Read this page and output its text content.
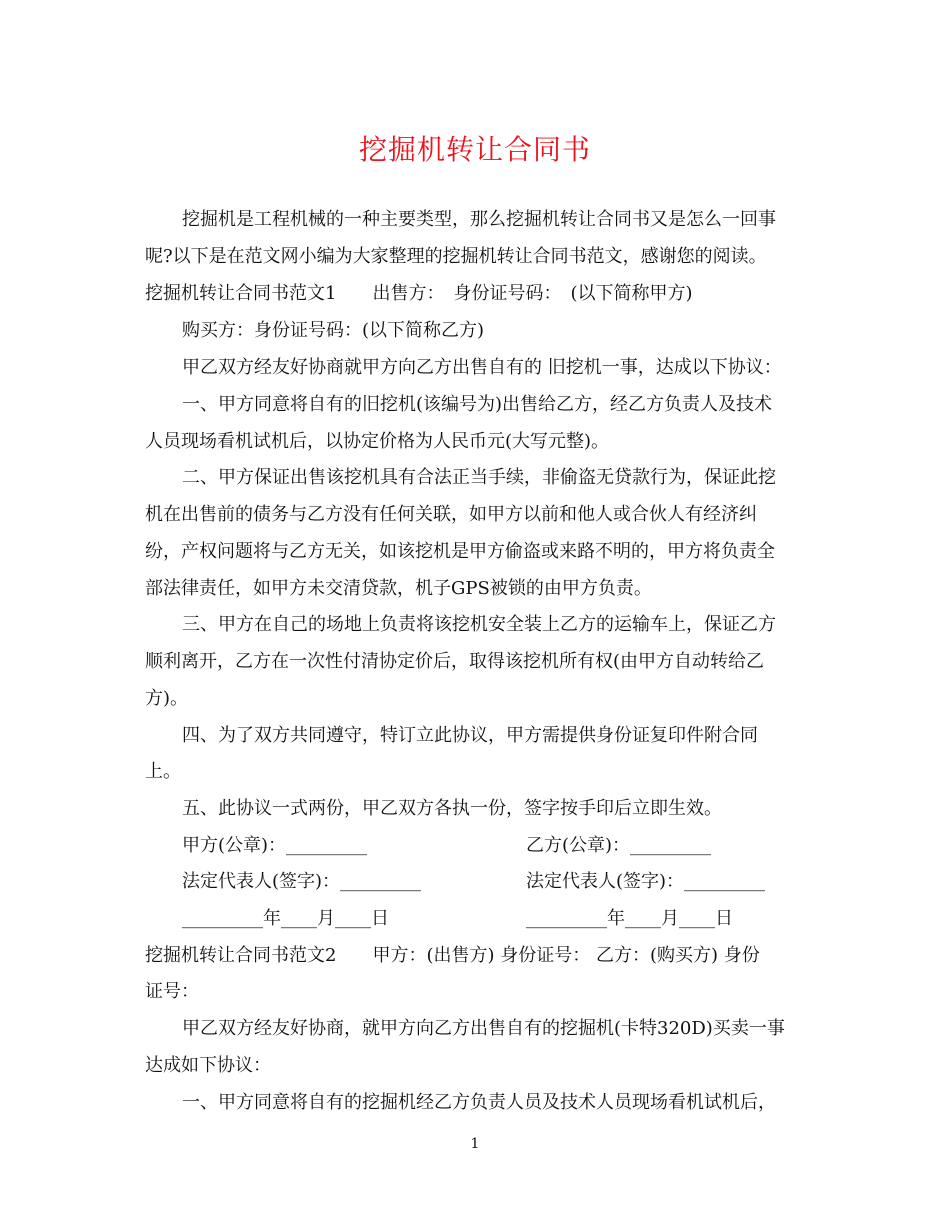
挖掘机转让合同书
挖掘机是工程机械的一种主要类型，那么挖掘机转让合同书又是怎么一回事
呢?以下是在范文网小编为大家整理的挖掘机转让合同书范文，感谢您的阅读。
挖掘机转让合同书范文1　　出售方：　身份证号码：　(以下简称甲方)
购买方：身份证号码：(以下简称乙方)
甲乙双方经友好协商就甲方向乙方出售自有的 旧挖机一事，达成以下协议：
一、甲方同意将自有的旧挖机(该编号为)出售给乙方，经乙方负责人及技术
人员现场看机试机后，以协定价格为人民币元(大写元整)。
二、甲方保证出售该挖机具有合法正当手续，非偷盗无贷款行为，保证此挖
机在出售前的债务与乙方没有任何关联，如甲方以前和他人或合伙人有经济纠
纷，产权问题将与乙方无关，如该挖机是甲方偷盗或来路不明的，甲方将负责全
部法律责任，如甲方未交清贷款，机子GPS被锁的由甲方负责。
三、甲方在自己的场地上负责将该挖机安全装上乙方的运输车上，保证乙方
顺利离开，乙方在一次性付清协定价后，取得该挖机所有权(由甲方自动转给乙
方)。
四、为了双方共同遵守，特订立此协议，甲方需提供身份证复印件附合同
上。
五、此协议一式两份，甲乙双方各执一份，签字按手印后立即生效。
甲方(公章)：_________	乙方(公章)：_________
法定代表人(签字)：_________	法定代表人(签字)：_________
_________年____月____日	_________年____月____日
挖掘机转让合同书范文2　　甲方：(出售方) 身份证号： 乙方：(购买方) 身份
证号：
甲乙双方经友好协商，就甲方向乙方出售自有的挖掘机(卡特320D)买卖一事
达成如下协议：
一、甲方同意将自有的挖掘机经乙方负责人员及技术人员现场看机试机后，
1
